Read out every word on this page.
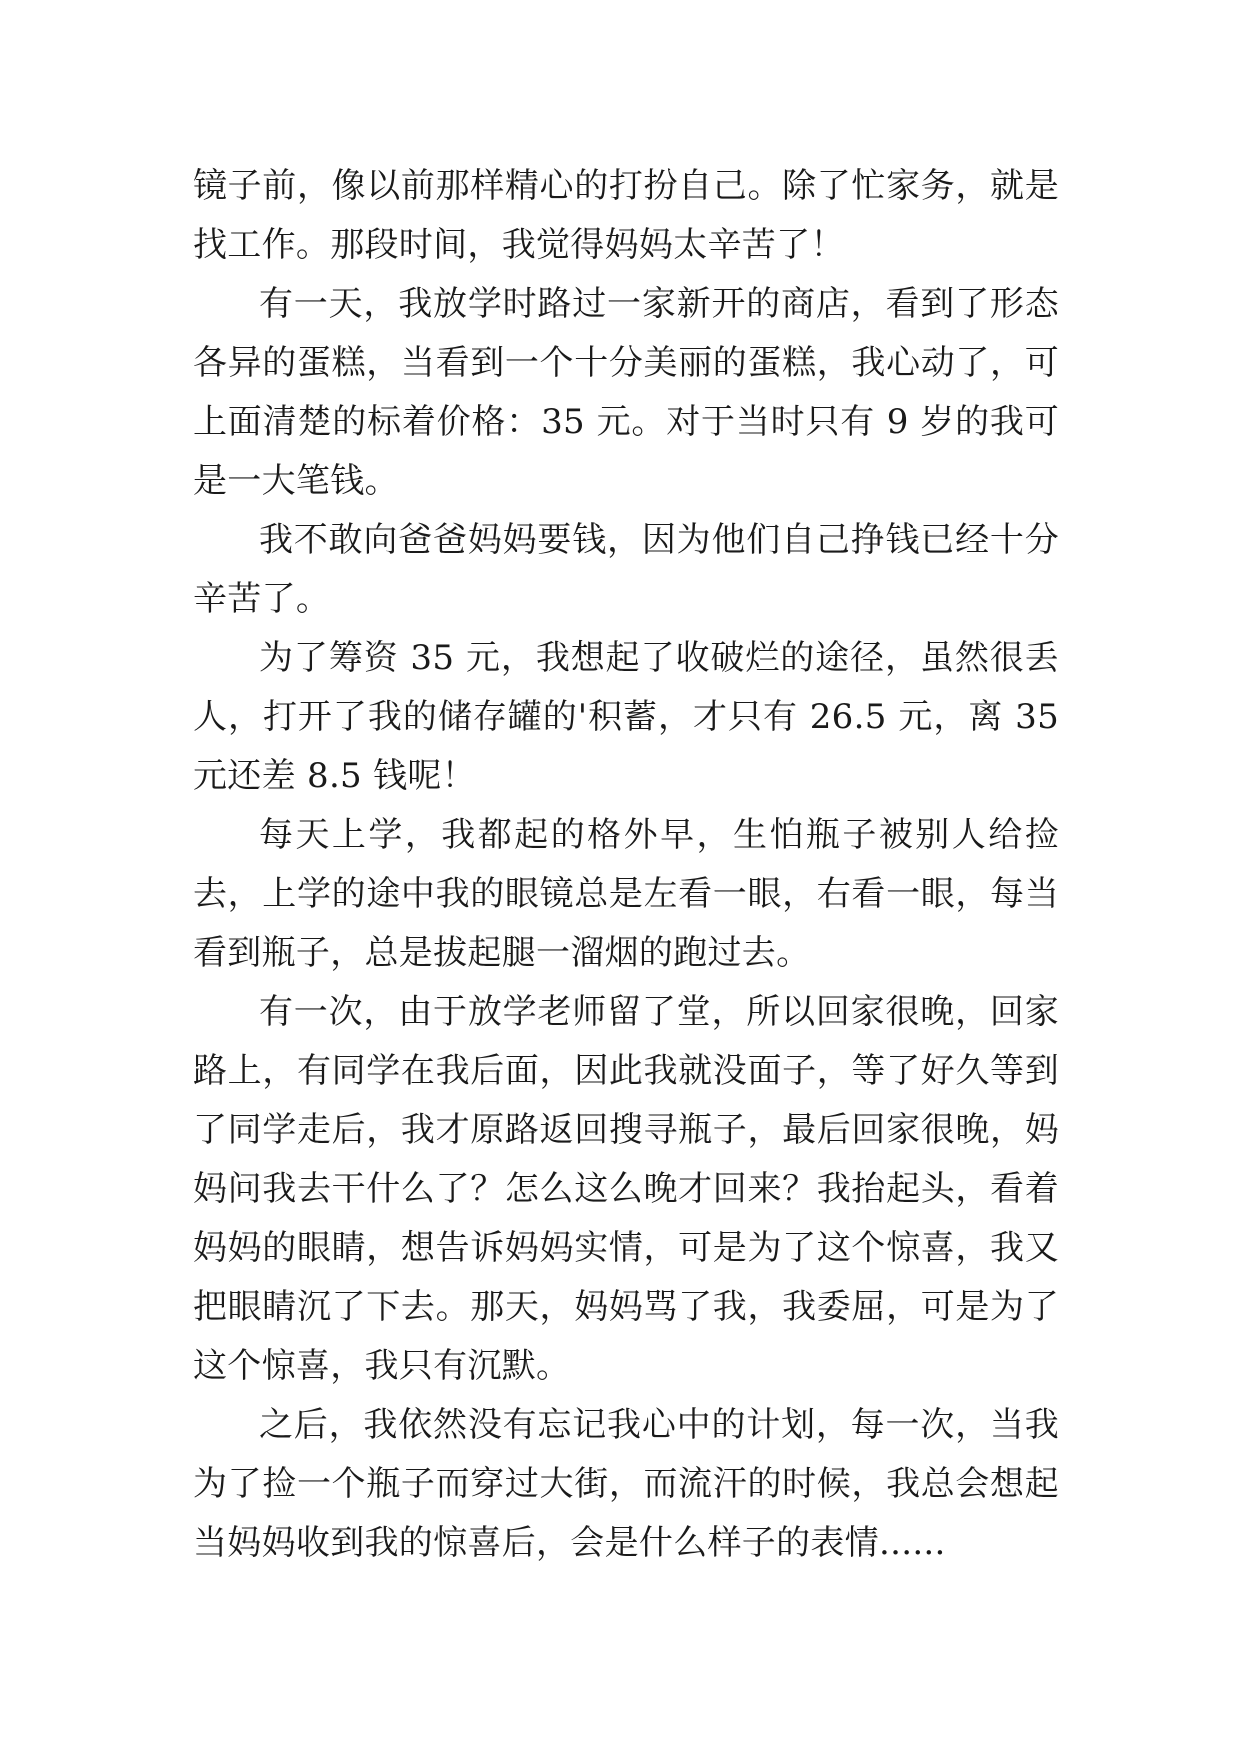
镜子前，像以前那样精心的打扮自己。除了忙家务，就是找工作。那段时间，我觉得妈妈太辛苦了！

有一天，我放学时路过一家新开的商店，看到了形态各异的蛋糕，当看到一个十分美丽的蛋糕，我心动了，可上面清楚的标着价格：35 元。对于当时只有 9 岁的我可是一大笔钱。

我不敢向爸爸妈妈要钱，因为他们自己挣钱已经十分辛苦了。

为了筹资 35 元，我想起了收破烂的途径，虽然很丢人，打开了我的储存罐的'积蓄，才只有 26.5 元，离 35 元还差 8.5 钱呢！

每天上学，我都起的格外早，生怕瓶子被别人给捡去，上学的途中我的眼镜总是左看一眼，右看一眼，每当看到瓶子，总是拔起腿一溜烟的跑过去。

有一次，由于放学老师留了堂，所以回家很晚，回家路上，有同学在我后面，因此我就没面子，等了好久等到了同学走后，我才原路返回搜寻瓶子，最后回家很晚，妈妈问我去干什么了？怎么这么晚才回来？我抬起头，看着妈妈的眼睛，想告诉妈妈实情，可是为了这个惊喜，我又把眼睛沉了下去。那天，妈妈骂了我，我委屈，可是为了这个惊喜，我只有沉默。

之后，我依然没有忘记我心中的计划，每一次，当我为了捡一个瓶子而穿过大街，而流汗的时候，我总会想起当妈妈收到我的惊喜后，会是什么样子的表情......
